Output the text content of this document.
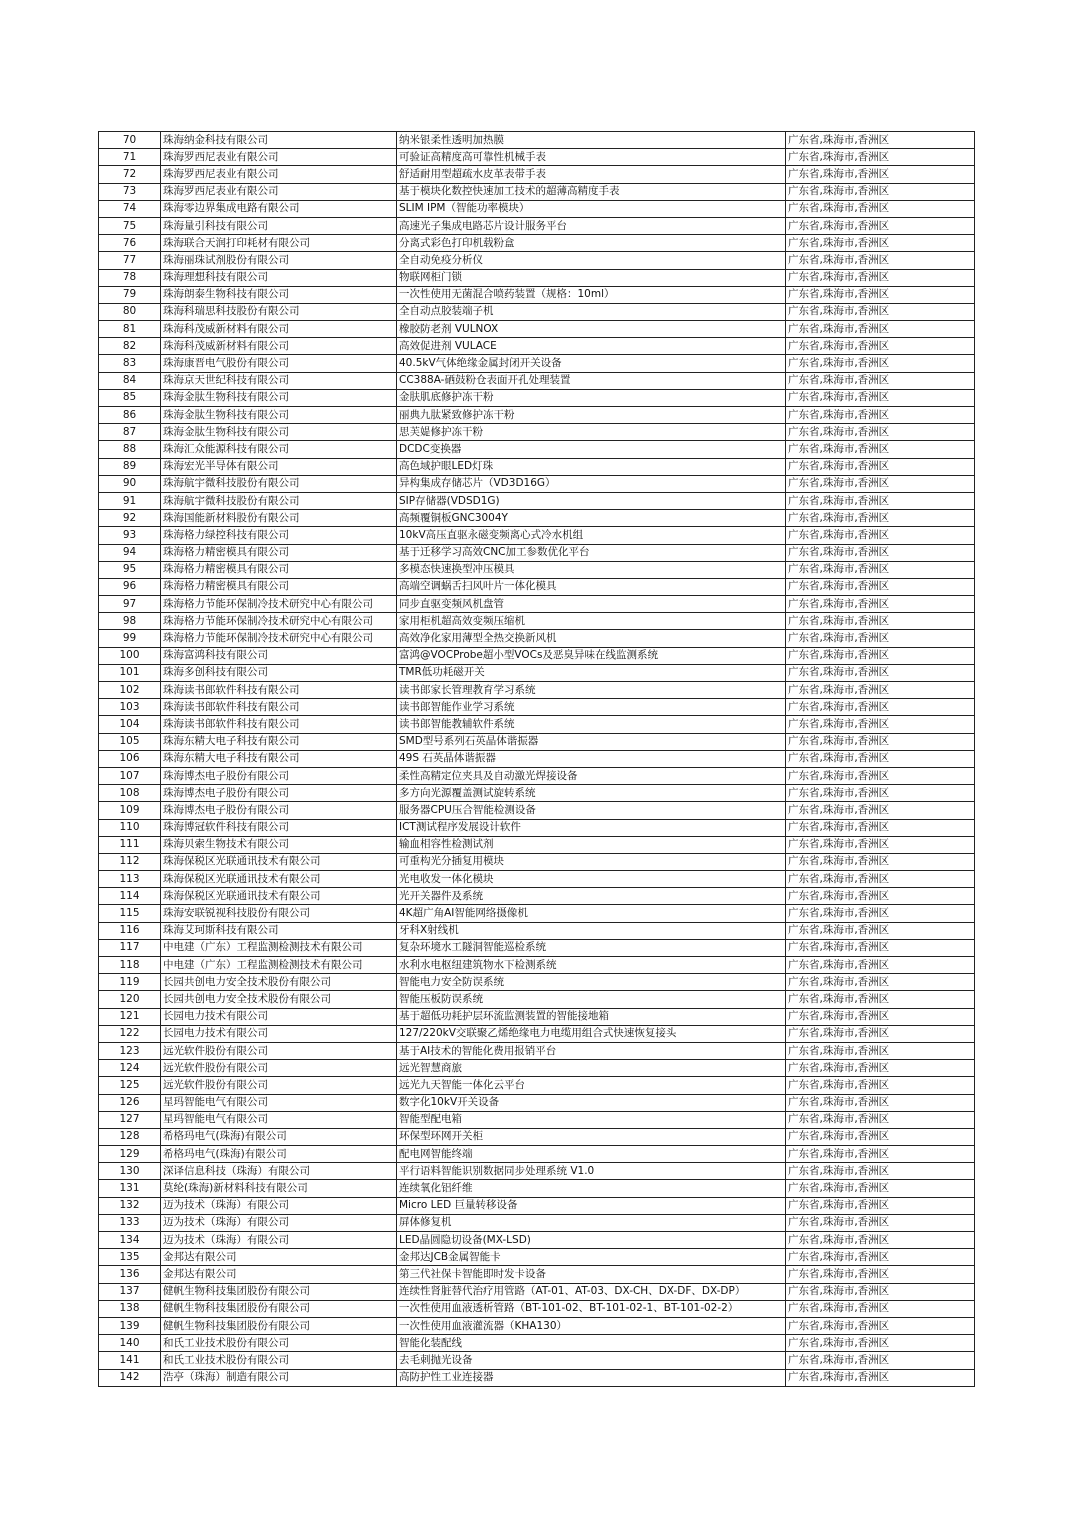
70	珠海纳金科技有限公司	纳米银柔性透明加热膜	广东省,珠海市,香洲区
71	珠海罗西尼表业有限公司	可验证高精度高可靠性机械手表	广东省,珠海市,香洲区
72	珠海罗西尼表业有限公司	舒适耐用型超疏水皮革表带手表	广东省,珠海市,香洲区
73	珠海罗西尼表业有限公司	基于模块化数控快速加工技术的超薄高精度手表	广东省,珠海市,香洲区
74	珠海零边界集成电路有限公司	SLIM IPM（智能功率模块）	广东省,珠海市,香洲区
75	珠海量引科技有限公司	高速光子集成电路芯片设计服务平台	广东省,珠海市,香洲区
76	珠海联合天润打印耗材有限公司	分离式彩色打印机载粉盒	广东省,珠海市,香洲区
77	珠海丽珠试剂股份有限公司	全自动免疫分析仪	广东省,珠海市,香洲区
78	珠海理想科技有限公司	物联网柜门锁	广东省,珠海市,香洲区
79	珠海朗泰生物科技有限公司	一次性使用无菌混合喷药装置（规格：10ml）	广东省,珠海市,香洲区
80	珠海科瑞思科技股份有限公司	全自动点胶装端子机	广东省,珠海市,香洲区
81	珠海科茂威新材料有限公司	橡胶防老剂 VULNOX	广东省,珠海市,香洲区
82	珠海科茂威新材料有限公司	高效促进剂 VULACE	广东省,珠海市,香洲区
83	珠海康晋电气股份有限公司	40.5kV气体绝缘金属封闭开关设备	广东省,珠海市,香洲区
84	珠海京天世纪科技有限公司	CC388A-硒鼓粉仓表面开孔处理装置	广东省,珠海市,香洲区
85	珠海金肽生物科技有限公司	金肤肌底修护冻干粉	广东省,珠海市,香洲区
86	珠海金肽生物科技有限公司	丽典九肽紧致修护冻干粉	广东省,珠海市,香洲区
87	珠海金肽生物科技有限公司	思芙媞修护冻干粉	广东省,珠海市,香洲区
88	珠海汇众能源科技有限公司	DCDC变换器	广东省,珠海市,香洲区
89	珠海宏光半导体有限公司	高色域护眼LED灯珠	广东省,珠海市,香洲区
90	珠海航宇微科技股份有限公司	异构集成存储芯片（VD3D16G）	广东省,珠海市,香洲区
91	珠海航宇微科技股份有限公司	SIP存储器(VDSD1G)	广东省,珠海市,香洲区
92	珠海国能新材料股份有限公司	高频覆铜板GNC3004Y	广东省,珠海市,香洲区
93	珠海格力绿控科技有限公司	10kV高压直驱永磁变频离心式冷水机组	广东省,珠海市,香洲区
94	珠海格力精密模具有限公司	基于迁移学习高效CNC加工参数优化平台	广东省,珠海市,香洲区
95	珠海格力精密模具有限公司	多模态快速换型冲压模具	广东省,珠海市,香洲区
96	珠海格力精密模具有限公司	高端空调蜗舌扫风叶片一体化模具	广东省,珠海市,香洲区
97	珠海格力节能环保制冷技术研究中心有限公司	同步直驱变频风机盘管	广东省,珠海市,香洲区
98	珠海格力节能环保制冷技术研究中心有限公司	家用柜机超高效变频压缩机	广东省,珠海市,香洲区
99	珠海格力节能环保制冷技术研究中心有限公司	高效净化家用薄型全热交换新风机	广东省,珠海市,香洲区
100	珠海富鸿科技有限公司	富鸿@VOCProbe超小型VOCs及恶臭异味在线监测系统	广东省,珠海市,香洲区
101	珠海多创科技有限公司	TMR低功耗磁开关	广东省,珠海市,香洲区
102	珠海读书郎软件科技有限公司	读书郎家长管理教育学习系统	广东省,珠海市,香洲区
103	珠海读书郎软件科技有限公司	读书郎智能作业学习系统	广东省,珠海市,香洲区
104	珠海读书郎软件科技有限公司	读书郎智能教辅软件系统	广东省,珠海市,香洲区
105	珠海东精大电子科技有限公司	SMD型号系列石英晶体谐振器	广东省,珠海市,香洲区
106	珠海东精大电子科技有限公司	49S 石英晶体谐振器	广东省,珠海市,香洲区
107	珠海博杰电子股份有限公司	柔性高精定位夹具及自动激光焊接设备	广东省,珠海市,香洲区
108	珠海博杰电子股份有限公司	多方向光源覆盖测试旋转系统	广东省,珠海市,香洲区
109	珠海博杰电子股份有限公司	服务器CPU压合智能检测设备	广东省,珠海市,香洲区
110	珠海博冠软件科技有限公司	ICT测试程序发展设计软件	广东省,珠海市,香洲区
111	珠海贝索生物技术有限公司	输血相容性检测试剂	广东省,珠海市,香洲区
112	珠海保税区光联通讯技术有限公司	可重构光分插复用模块	广东省,珠海市,香洲区
113	珠海保税区光联通讯技术有限公司	光电收发一体化模块	广东省,珠海市,香洲区
114	珠海保税区光联通讯技术有限公司	光开关器件及系统	广东省,珠海市,香洲区
115	珠海安联锐视科技股份有限公司	4K超广角AI智能网络摄像机	广东省,珠海市,香洲区
116	珠海艾珂斯科技有限公司	牙科X射线机	广东省,珠海市,香洲区
117	中电建（广东）工程监测检测技术有限公司	复杂环境水工隧洞智能巡检系统	广东省,珠海市,香洲区
118	中电建（广东）工程监测检测技术有限公司	水利水电枢纽建筑物水下检测系统	广东省,珠海市,香洲区
119	长园共创电力安全技术股份有限公司	智能电力安全防误系统	广东省,珠海市,香洲区
120	长园共创电力安全技术股份有限公司	智能压板防误系统	广东省,珠海市,香洲区
121	长园电力技术有限公司	基于超低功耗护层环流监测装置的智能接地箱	广东省,珠海市,香洲区
122	长园电力技术有限公司	127/220kV交联聚乙烯绝缘电力电缆用组合式快速恢复接头	广东省,珠海市,香洲区
123	远光软件股份有限公司	基于AI技术的智能化费用报销平台	广东省,珠海市,香洲区
124	远光软件股份有限公司	远光智慧商旅	广东省,珠海市,香洲区
125	远光软件股份有限公司	远光九天智能一体化云平台	广东省,珠海市,香洲区
126	星玛智能电气有限公司	数字化10kV开关设备	广东省,珠海市,香洲区
127	星玛智能电气有限公司	智能型配电箱	广东省,珠海市,香洲区
128	希格玛电气(珠海)有限公司	环保型环网开关柜	广东省,珠海市,香洲区
129	希格玛电气(珠海)有限公司	配电网智能终端	广东省,珠海市,香洲区
130	深译信息科技（珠海）有限公司	平行语料智能识别数据同步处理系统 V1.0	广东省,珠海市,香洲区
131	莫纶(珠海)新材料科技有限公司	连续氧化铝纤维	广东省,珠海市,香洲区
132	迈为技术（珠海）有限公司	Micro LED 巨量转移设备	广东省,珠海市,香洲区
133	迈为技术（珠海）有限公司	屏体修复机	广东省,珠海市,香洲区
134	迈为技术（珠海）有限公司	LED晶圆隐切设备(MX-LSD)	广东省,珠海市,香洲区
135	金邦达有限公司	金邦达JCB金属智能卡	广东省,珠海市,香洲区
136	金邦达有限公司	第三代社保卡智能即时发卡设备	广东省,珠海市,香洲区
137	健帆生物科技集团股份有限公司	连续性肾脏替代治疗用管路（AT-01、AT-03、DX-CH、DX-DF、DX-DP）	广东省,珠海市,香洲区
138	健帆生物科技集团股份有限公司	一次性使用血液透析管路（BT-101-02、BT-101-02-1、BT-101-02-2）	广东省,珠海市,香洲区
139	健帆生物科技集团股份有限公司	一次性使用血液灌流器（KHA130）	广东省,珠海市,香洲区
140	和氏工业技术股份有限公司	智能化装配线	广东省,珠海市,香洲区
141	和氏工业技术股份有限公司	去毛刺抛光设备	广东省,珠海市,香洲区
142	浩亭（珠海）制造有限公司	高防护性工业连接器	广东省,珠海市,香洲区
